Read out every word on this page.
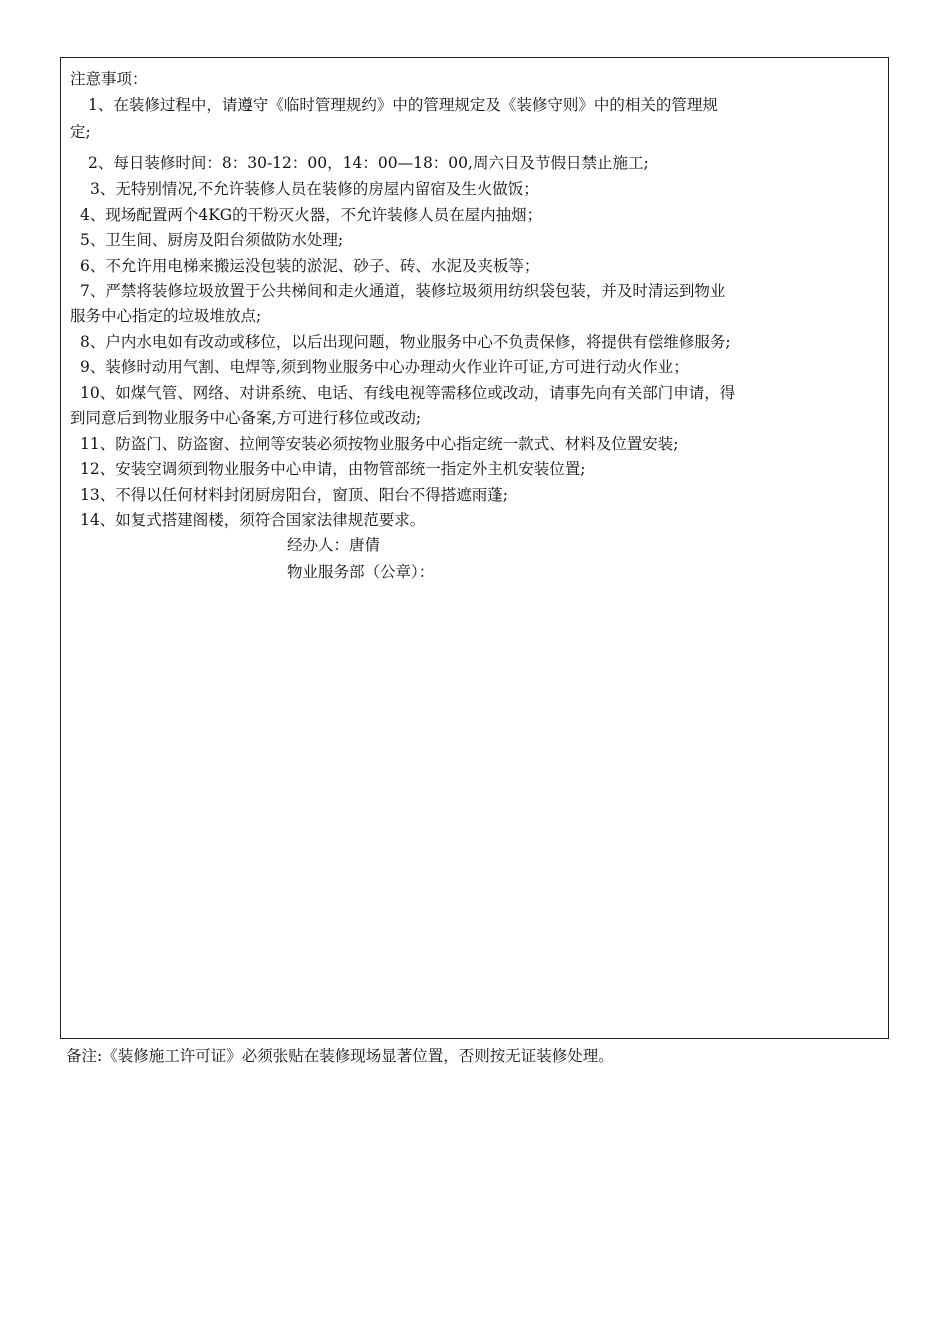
注意事项：
1、在装修过程中，请遵守《临时管理规约》中的管理规定及《装修守则》中的相关的管理规
定;
2、每日装修时间：8：30-12：00，14：00—18：00,周六日及节假日禁止施工;
3、无特别情况,不允许装修人员在装修的房屋内留宿及生火做饭；
4、现场配置两个4KG的干粉灭火器，不允许装修人员在屋内抽烟；
5、卫生间、厨房及阳台须做防水处理;
6、不允许用电梯来搬运没包装的淤泥、砂子、砖、水泥及夹板等；
7、严禁将装修垃圾放置于公共梯间和走火通道，装修垃圾须用纺织袋包装，并及时清运到物业
服务中心指定的垃圾堆放点;
8、户内水电如有改动或移位，以后出现问题，物业服务中心不负责保修，将提供有偿维修服务;
9、装修时动用气割、电焊等,须到物业服务中心办理动火作业许可证,方可进行动火作业；
10、如煤气管、网络、对讲系统、电话、有线电视等需移位或改动，请事先向有关部门申请，得
到同意后到物业服务中心备案,方可进行移位或改动;
11、防盗门、防盗窗、拉闸等安装必须按物业服务中心指定统一款式、材料及位置安装;
12、安装空调须到物业服务中心申请，由物管部统一指定外主机安装位置;
13、不得以任何材料封闭厨房阳台，窗顶、阳台不得搭遮雨蓬;
14、如复式搭建阁楼，须符合国家法律规范要求。
经办人：唐倩
物业服务部（公章）：
备注:《装修施工许可证》必须张贴在装修现场显著位置，否则按无证装修处理。
